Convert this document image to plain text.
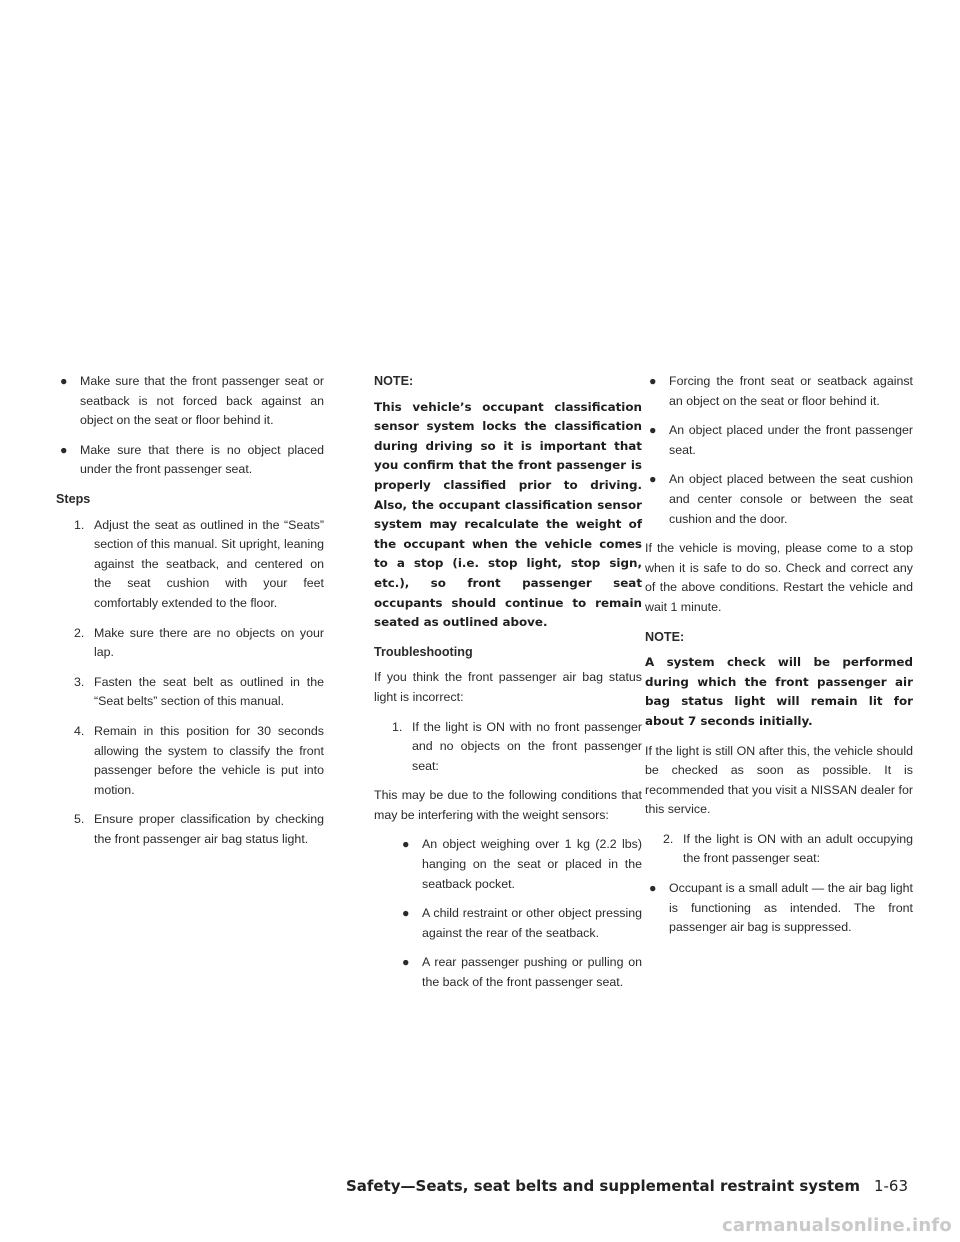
● Make sure that the front passenger seat or seatback is not forced back against an object on the seat or floor behind it.
● Make sure that there is no object placed under the front passenger seat.

Steps

1. Adjust the seat as outlined in the “Seats” section of this manual. Sit upright, leaning against the seatback, and centered on the seat cushion with your feet comfortably extended to the floor.
2. Make sure there are no objects on your lap.
3. Fasten the seat belt as outlined in the “Seat belts” section of this manual.
4. Remain in this position for 30 seconds allowing the system to classify the front passenger before the vehicle is put into motion.
5. Ensure proper classification by checking the front passenger air bag status light.

NOTE:

This vehicle’s occupant classification sensor system locks the classification during driving so it is important that you confirm that the front passenger is properly classified prior to driving. Also, the occupant classification sensor system may recalculate the weight of the occupant when the vehicle comes to a stop (i.e. stop light, stop sign, etc.), so front passenger seat occupants should continue to remain seated as outlined above.

Troubleshooting

If you think the front passenger air bag status light is incorrect:

1. If the light is ON with no front passenger and no objects on the front passenger seat:

This may be due to the following conditions that may be interfering with the weight sensors:

● An object weighing over 1 kg (2.2 lbs) hanging on the seat or placed in the seatback pocket.
● A child restraint or other object pressing against the rear of the seatback.
● A rear passenger pushing or pulling on the back of the front passenger seat.
● Forcing the front seat or seatback against an object on the seat or floor behind it.
● An object placed under the front passenger seat.
● An object placed between the seat cushion and center console or between the seat cushion and the door.

If the vehicle is moving, please come to a stop when it is safe to do so. Check and correct any of the above conditions. Restart the vehicle and wait 1 minute.

NOTE:

A system check will be performed during which the front passenger air bag status light will remain lit for about 7 seconds initially.

If the light is still ON after this, the vehicle should be checked as soon as possible. It is recommended that you visit a NISSAN dealer for this service.

2. If the light is ON with an adult occupying the front passenger seat:
● Occupant is a small adult — the air bag light is functioning as intended. The front passenger air bag is suppressed.
Safety—Seats, seat belts and supplemental restraint system 1-63
carmanualsonline.info
